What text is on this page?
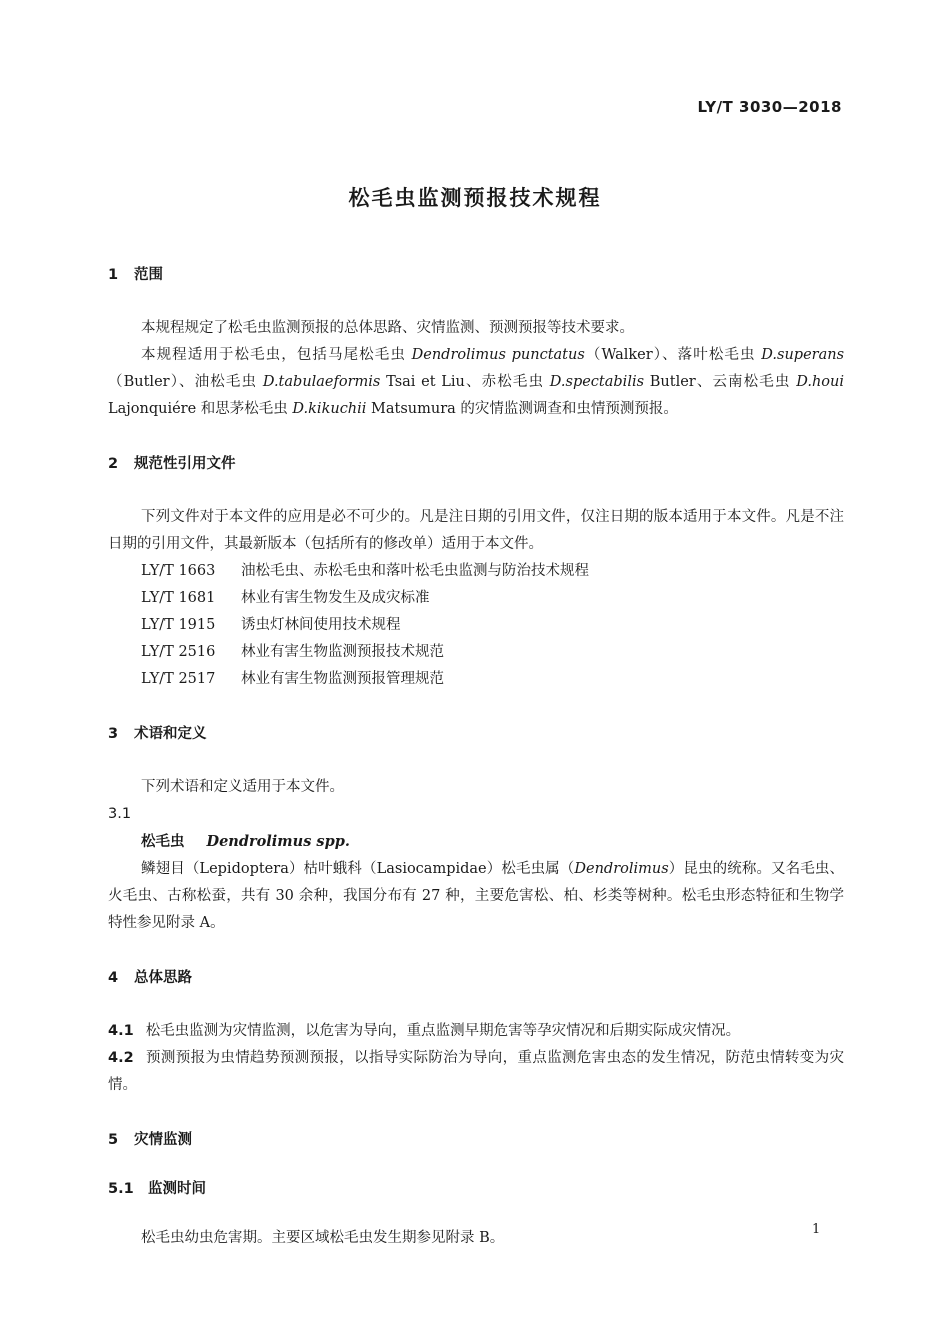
LY/T 3030—2018
松毛虫监测预报技术规程
1 范围
本规程规定了松毛虫监测预报的总体思路、灾情监测、预测预报等技术要求。
本规程适用于松毛虫，包括马尾松毛虫 Dendrolimus punctatus（Walker）、落叶松毛虫 D.superans（Butler）、油松毛虫 D.tabulaeformis Tsai et Liu、赤松毛虫 D.spectabilis Butler、云南松毛虫 D.houi Lajonquiére 和思茅松毛虫 D.kikuchii Matsumura 的灾情监测调查和虫情预测预报。
2 规范性引用文件
下列文件对于本文件的应用是必不可少的。凡是注日期的引用文件，仅注日期的版本适用于本文件。凡是不注日期的引用文件，其最新版本（包括所有的修改单）适用于本文件。
LY/T 1663 油松毛虫、赤松毛虫和落叶松毛虫监测与防治技术规程
LY/T 1681 林业有害生物发生及成灾标准
LY/T 1915 诱虫灯林间使用技术规程
LY/T 2516 林业有害生物监测预报技术规范
LY/T 2517 林业有害生物监测预报管理规范
3 术语和定义
下列术语和定义适用于本文件。
3.1
松毛虫 Dendrolimus spp.
鳞翅目（Lepidoptera）枯叶蛾科（Lasiocampidae）松毛虫属（Dendrolimus）昆虫的统称。又名毛虫、火毛虫、古称松蚕，共有 30 余种，我国分布有 27 种，主要危害松、柏、杉类等树种。松毛虫形态特征和生物学特性参见附录 A。
4 总体思路
4.1 松毛虫监测为灾情监测，以危害为导向，重点监测早期危害等孕灾情况和后期实际成灾情况。
4.2 预测预报为虫情趋势预测预报，以指导实际防治为导向，重点监测危害虫态的发生情况，防范虫情转变为灾情。
5 灾情监测
5.1 监测时间
松毛虫幼虫危害期。主要区域松毛虫发生期参见附录 B。
1
